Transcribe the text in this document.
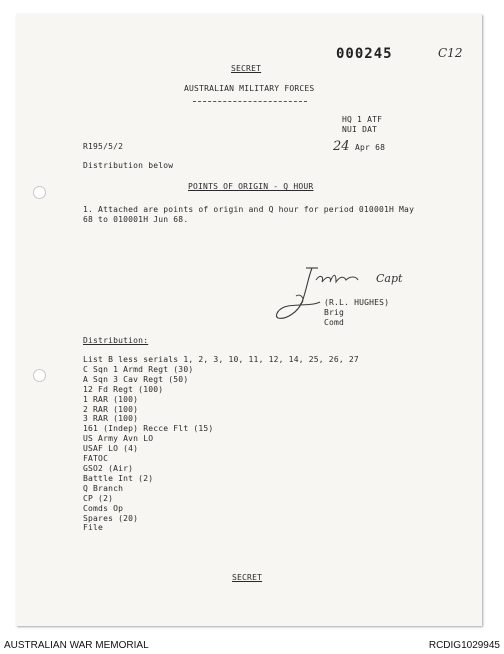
000245	C12
SECRET
AUSTRALIAN MILITARY FORCES
HQ 1 ATF
NUI DAT
R195/5/2	24 Apr 68
Distribution below
POINTS OF ORIGIN - Q HOUR
1. Attached are points of origin and Q hour for period 010001H May
68 to 010001H Jun 68.
Capt
(R.L. HUGHES)
Brig
Comd
Distribution:
List B less serials 1, 2, 3, 10, 11, 12, 14, 25, 26, 27
C Sqn 1 Armd Regt (30)
A Sqn 3 Cav Regt (50)
12 Fd Regt (100)
1 RAR (100)
2 RAR (100)
3 RAR (100)
161 (Indep) Recce Flt (15)
US Army Avn LO
USAF LO (4)
FATOC
GSO2 (Air)
Battle Int (2)
Q Branch
CP (2)
Comds Op
Spares (20)
File
SECRET
AUSTRALIAN WAR MEMORIAL	RCDIG1029945
